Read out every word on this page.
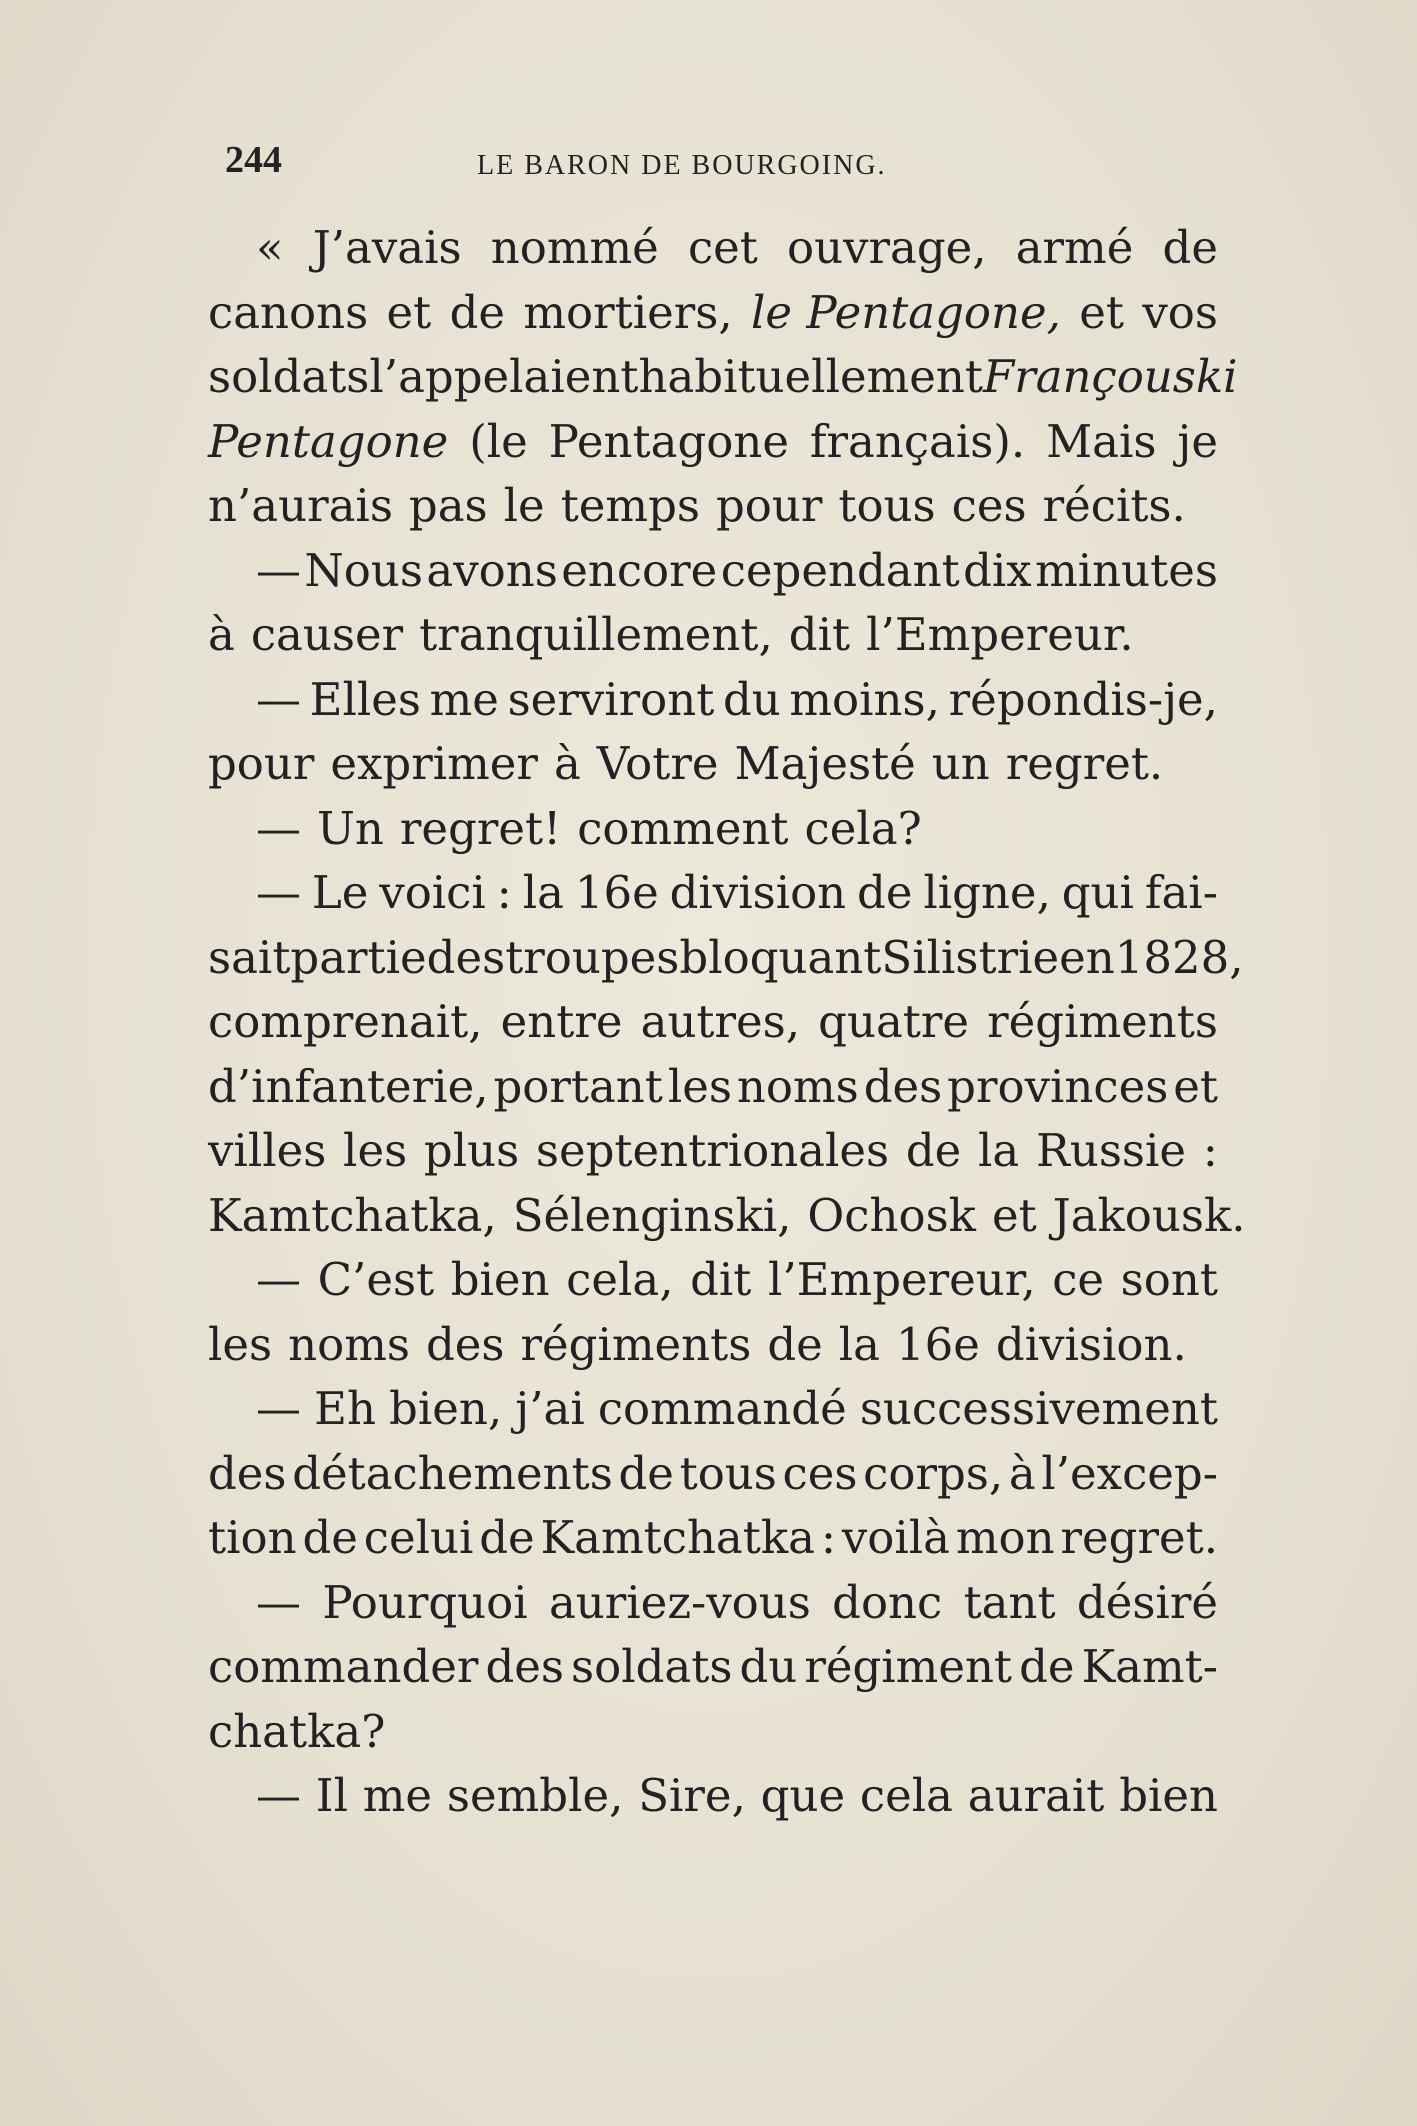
244	LE BARON DE BOURGOING.
« J’avais nommé cet ouvrage, armé de
canons et de mortiers, le Pentagone, et vos
soldats l’appelaient habituellement Françouski
Pentagone (le Pentagone français). Mais je
n’aurais pas le temps pour tous ces récits.
— Nous avons encore cependant dix minutes
à causer tranquillement, dit l’Empereur.
— Elles me serviront du moins, répondis-je,
pour exprimer à Votre Majesté un regret.
— Un regret! comment cela?
— Le voici : la 16e division de ligne, qui fai-
sait partie des troupes bloquant Silistrie en 1828,
comprenait, entre autres, quatre régiments
d’infanterie, portant les noms des provinces et
villes les plus septentrionales de la Russie :
Kamtchatka, Sélenginski, Ochosk et Jakousk.
— C’est bien cela, dit l’Empereur, ce sont
les noms des régiments de la 16e division.
— Eh bien, j’ai commandé successivement
des détachements de tous ces corps, à l’excep-
tion de celui de Kamtchatka : voilà mon regret.
— Pourquoi auriez-vous donc tant désiré
commander des soldats du régiment de Kamt-
chatka?
— Il me semble, Sire, que cela aurait bien
